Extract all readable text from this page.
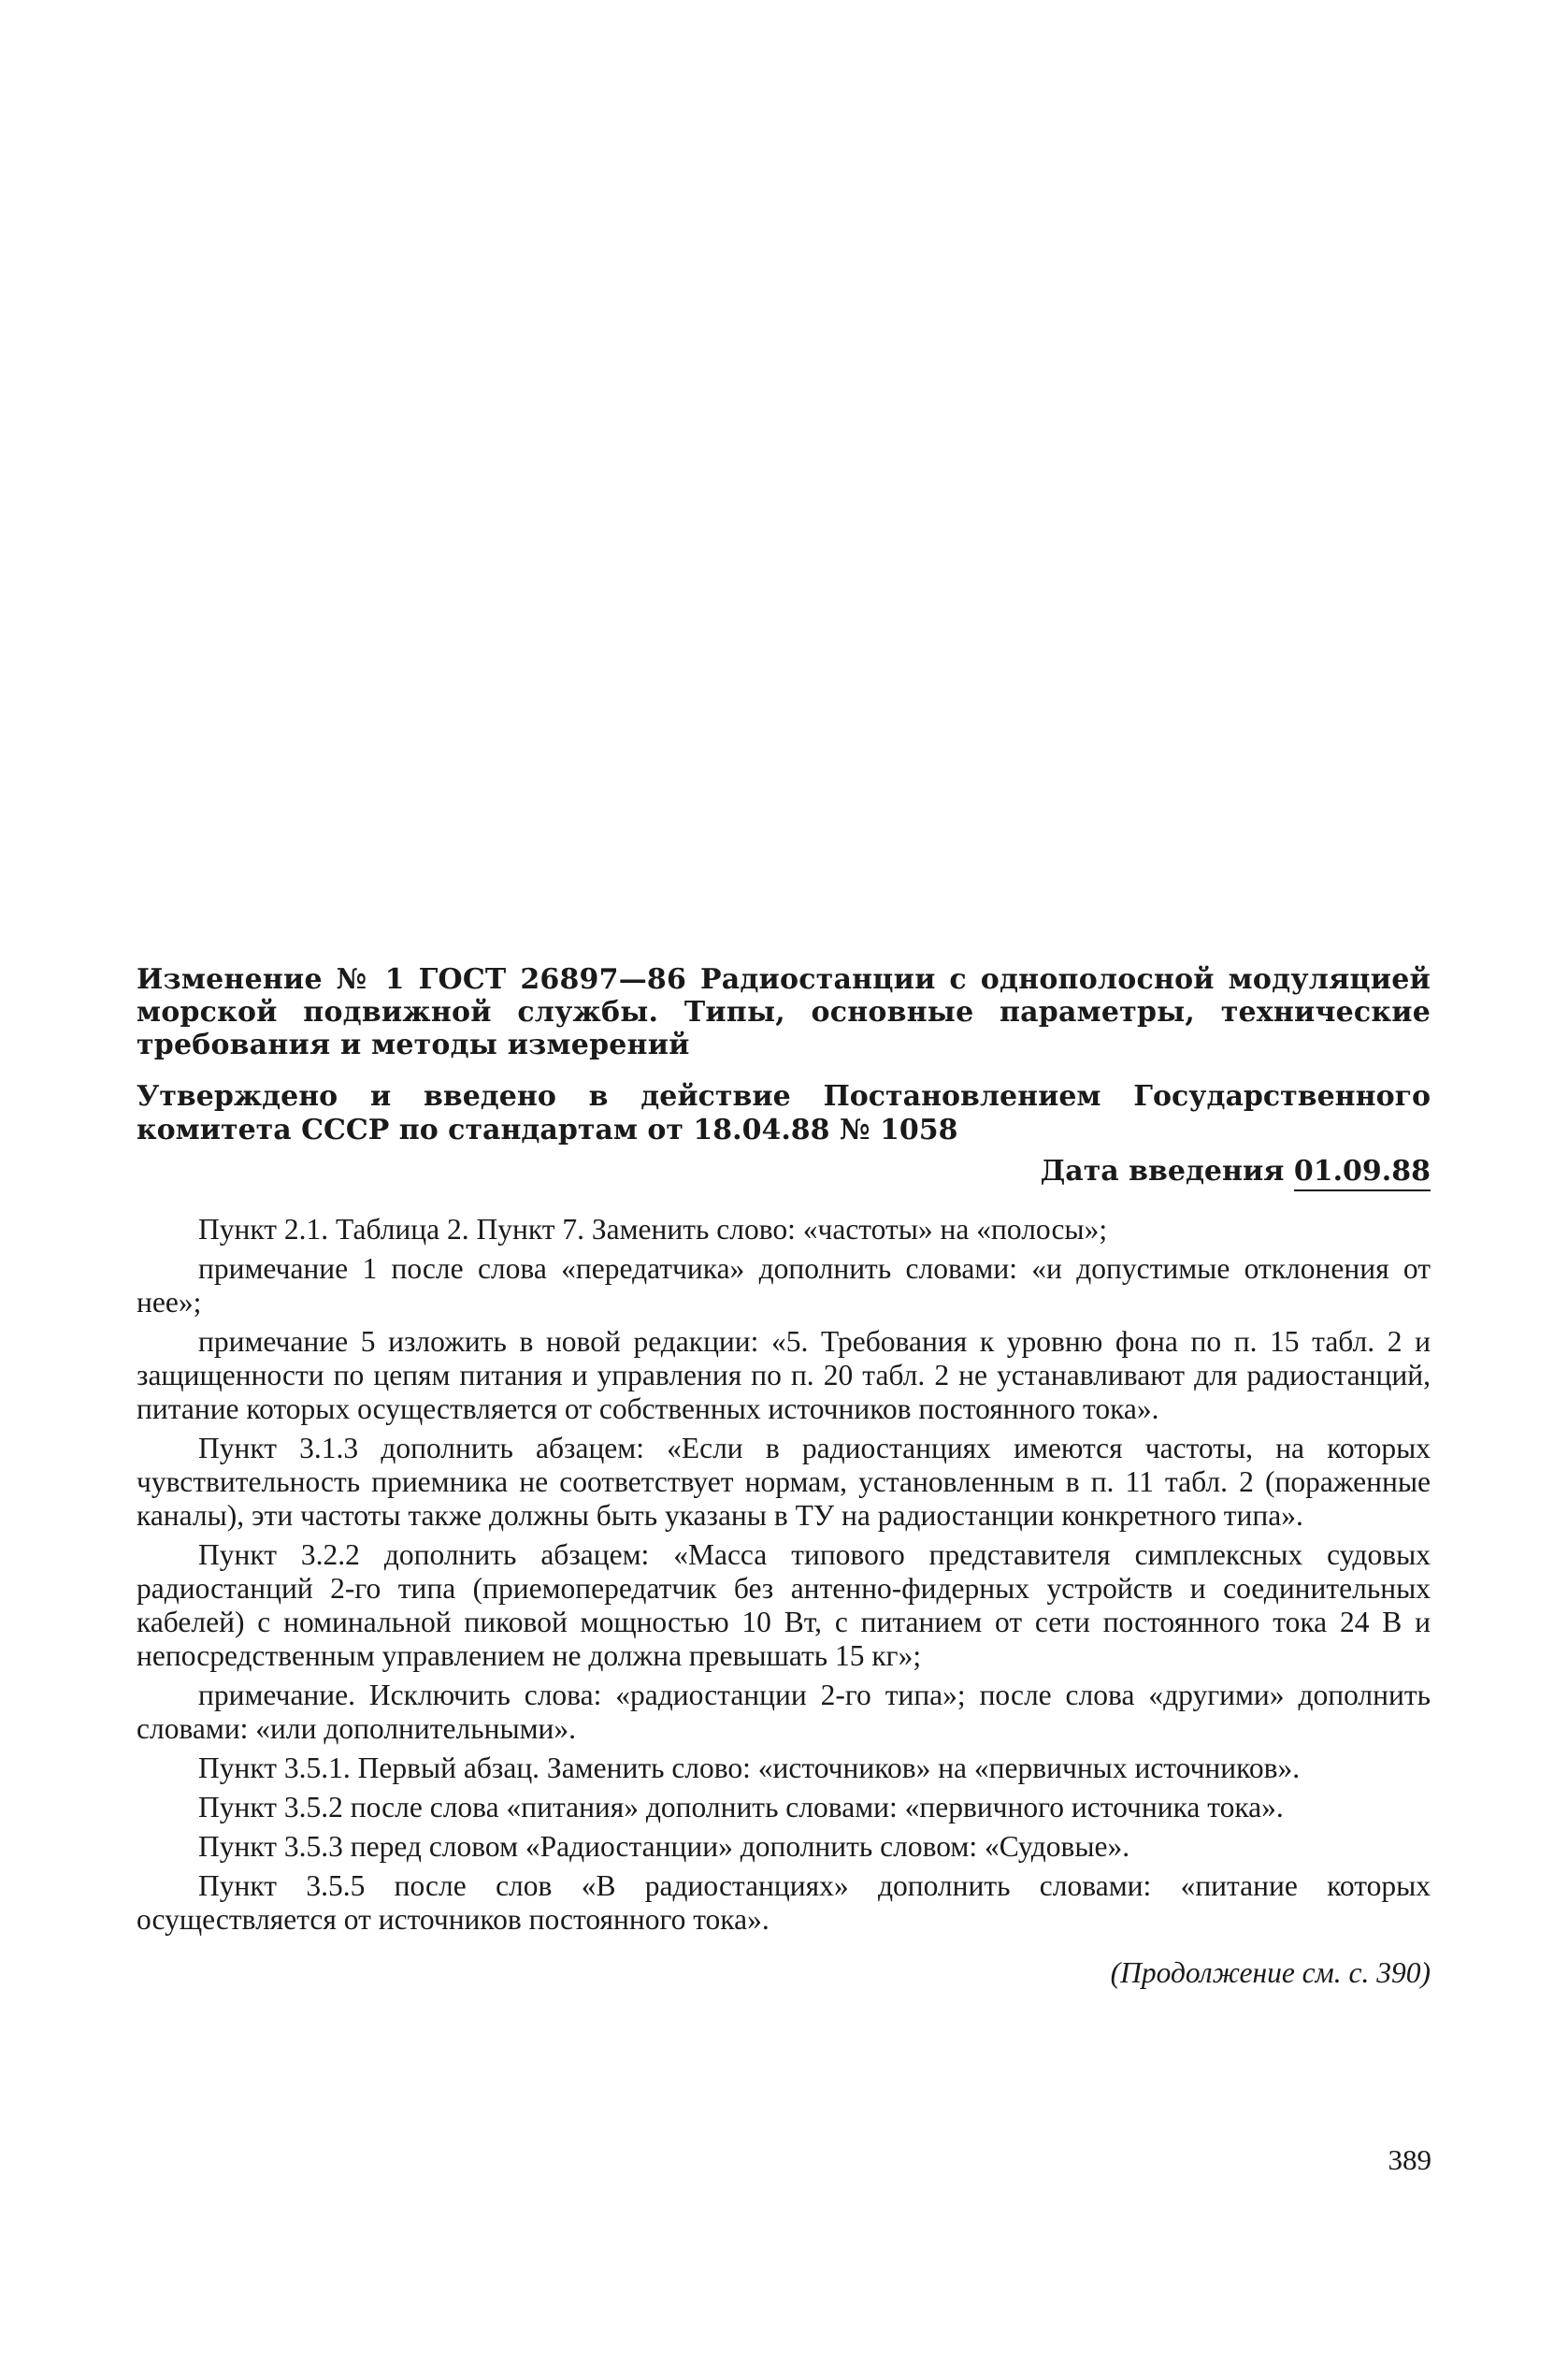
Изменение № 1 ГОСТ 26897—86 Радиостанции с однополосной модуляцией морской подвижной службы. Типы, основные параметры, технические требования и методы измерений

Утверждено и введено в действие Постановлением Государственного комитета СССР по стандартам от 18.04.88 № 1058

Дата введения 01.09.88

Пункт 2.1. Таблица 2. Пункт 7. Заменить слово: «частоты» на «полосы»;

примечание 1 после слова «передатчика» дополнить словами: «и допустимые отклонения от нее»;

примечание 5 изложить в новой редакции: «5. Требования к уровню фона по п. 15 табл. 2 и защищенности по цепям питания и управления по п. 20 табл. 2 не устанавливают для радиостанций, питание которых осуществляется от собственных источников постоянного тока».

Пункт 3.1.3 дополнить абзацем: «Если в радиостанциях имеются частоты, на которых чувствительность приемника не соответствует нормам, установленным в п. 11 табл. 2 (пораженные каналы), эти частоты также должны быть указаны в ТУ на радиостанции конкретного типа».

Пункт 3.2.2 дополнить абзацем: «Масса типового представителя симплексных судовых радиостанций 2-го типа (приемопередатчик без антенно-фидерных устройств и соединительных кабелей) с номинальной пиковой мощностью 10 Вт, с питанием от сети постоянного тока 24 В и непосредственным управлением не должна превышать 15 кг»;

примечание. Исключить слова: «радиостанции 2-го типа»; после слова «другими» дополнить словами: «или дополнительными».

Пункт 3.5.1. Первый абзац. Заменить слово: «источников» на «первичных источников».

Пункт 3.5.2 после слова «питания» дополнить словами: «первичного источника тока».

Пункт 3.5.3 перед словом «Радиостанции» дополнить словом: «Судовые».

Пункт 3.5.5 после слов «В радиостанциях» дополнить словами: «питание которых осуществляется от источников постоянного тока».

(Продолжение см. с. 390)

389
